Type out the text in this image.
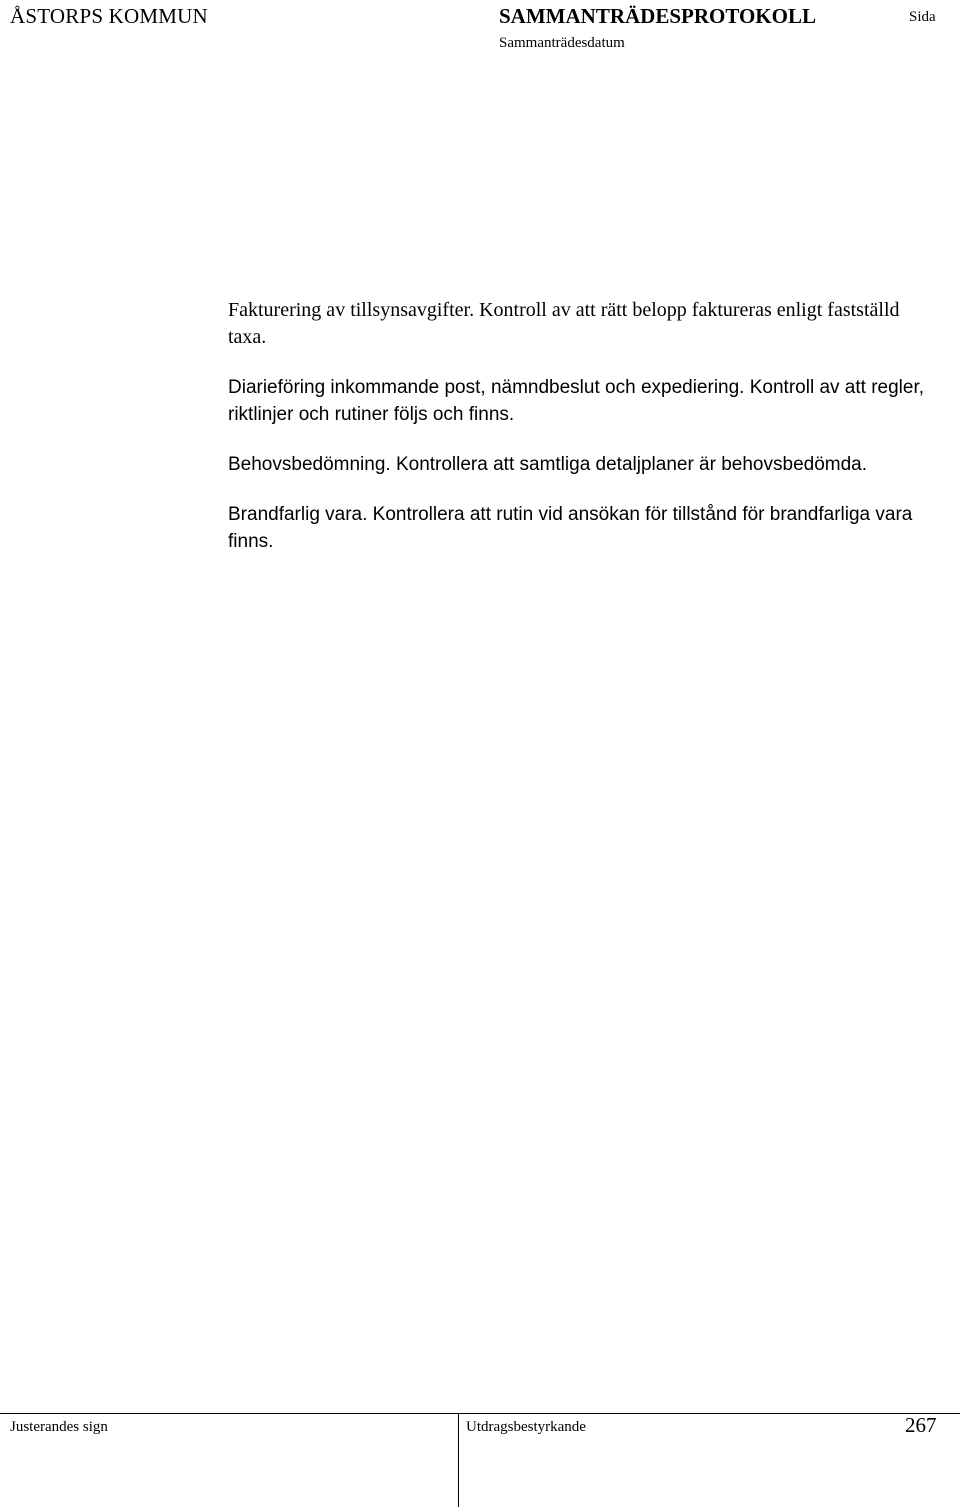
ÅSTORPS KOMMUN	SAMMANTRÄDESPROTOKOLL	Sida
Sammanträdesdatum

Fakturering av tillsynsavgifter. Kontroll av att rätt belopp faktureras enligt fastställd taxa.

Diarieföring inkommande post, nämndbeslut och expediering. Kontroll av att regler, riktlinjer och rutiner följs och finns.

Behovsbedömning. Kontrollera att samtliga detaljplaner är behovsbedömda.

Brandfarlig vara. Kontrollera att rutin vid ansökan för tillstånd för brandfarliga vara finns.

Justerandes sign	Utdragsbestyrkande	267
